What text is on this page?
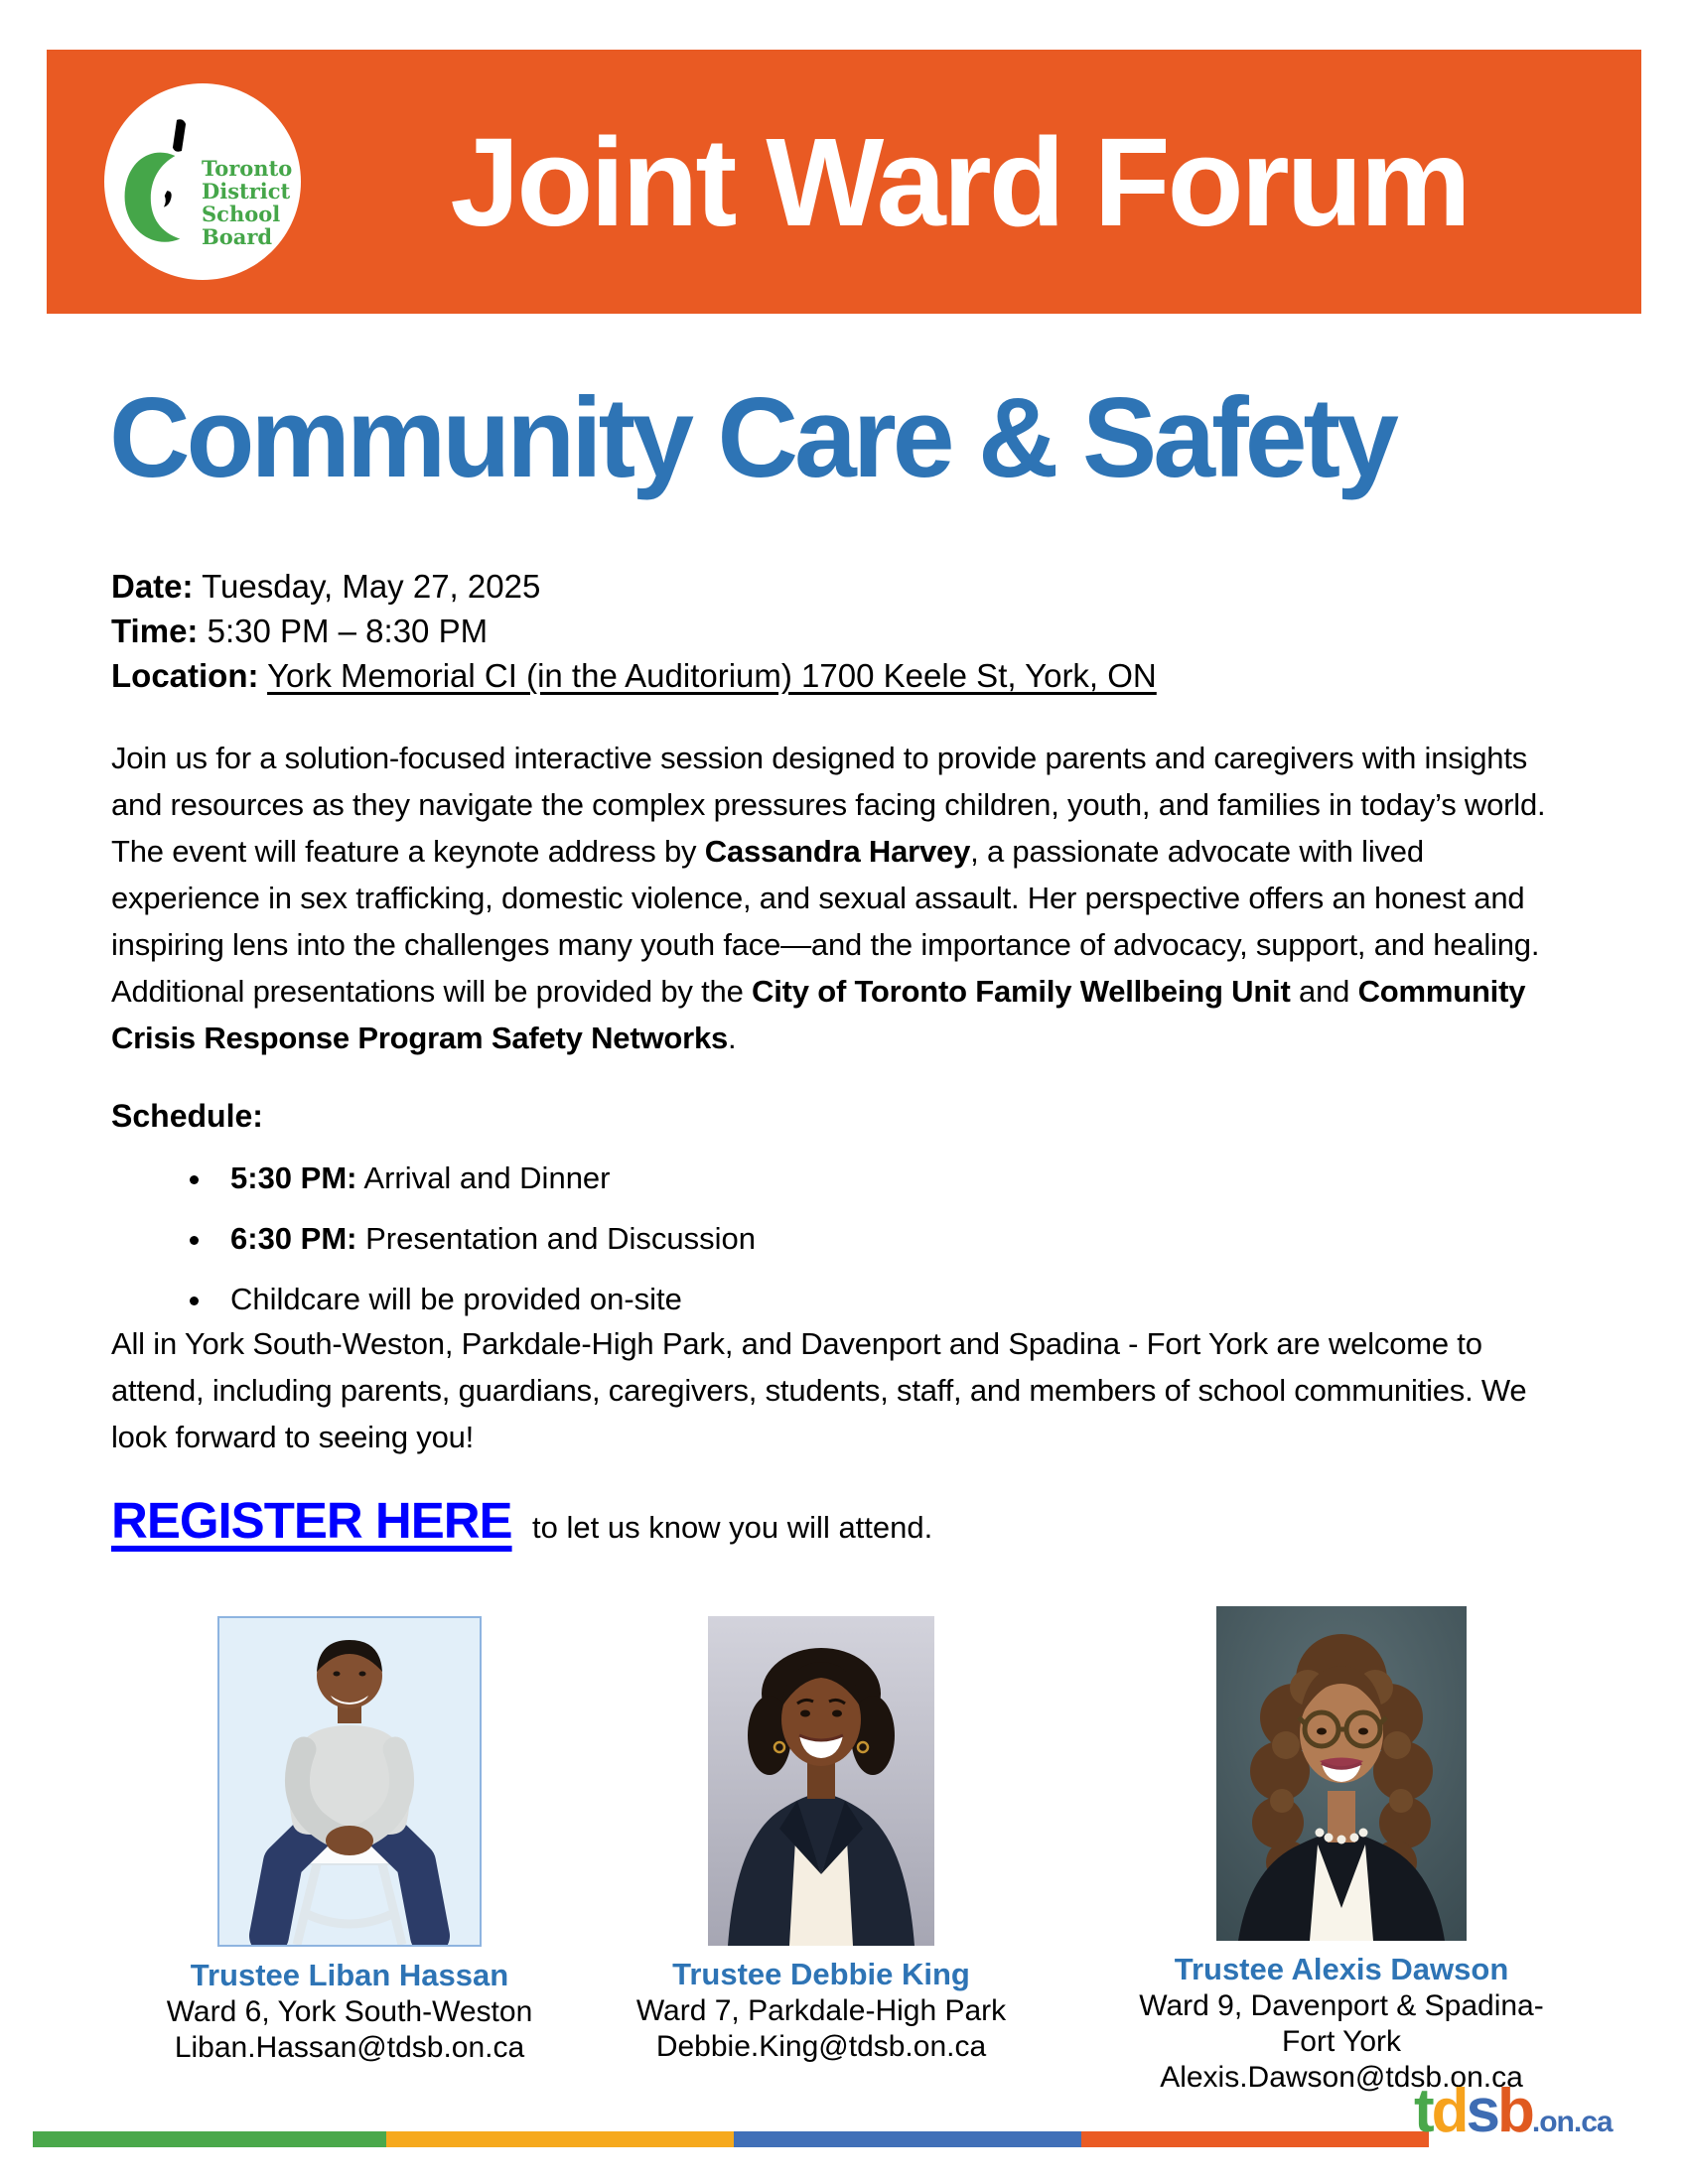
Toronto
District
School
Board	Joint Ward Forum
Community Care & Safety

Date: Tuesday, May 27, 2025

Time: 5:30 PM – 8:30 PM

Location: York Memorial CI (in the Auditorium) 1700 Keele St, York, ON

Join us for a solution-focused interactive session designed to provide parents and caregivers with insights and resources as they navigate the complex pressures facing children, youth, and families in today’s world. The event will feature a keynote address by Cassandra Harvey, a passionate advocate with lived experience in sex trafficking, domestic violence, and sexual assault. Her perspective offers an honest and inspiring lens into the challenges many youth face—and the importance of advocacy, support, and healing. Additional presentations will be provided by the City of Toronto Family Wellbeing Unit and Community Crisis Response Program Safety Networks.

Schedule:

• 5:30 PM: Arrival and Dinner
• 6:30 PM: Presentation and Discussion
• Childcare will be provided on-site

All in York South-Weston, Parkdale-High Park, and Davenport and Spadina - Fort York are welcome to attend, including parents, guardians, caregivers, students, staff, and members of school communities. We look forward to seeing you!

REGISTER HERE to let us know you will attend.

Trustee Liban Hassan

Ward 6, York South-Weston

Liban.Hassan@tdsb.on.ca

Trustee Debbie King

Ward 7, Parkdale-High Park

Debbie.King@tdsb.on.ca

Trustee Alexis Dawson

Ward 9, Davenport & Spadina-Fort York

Alexis.Dawson@tdsb.on.ca

t d s b .on.ca
